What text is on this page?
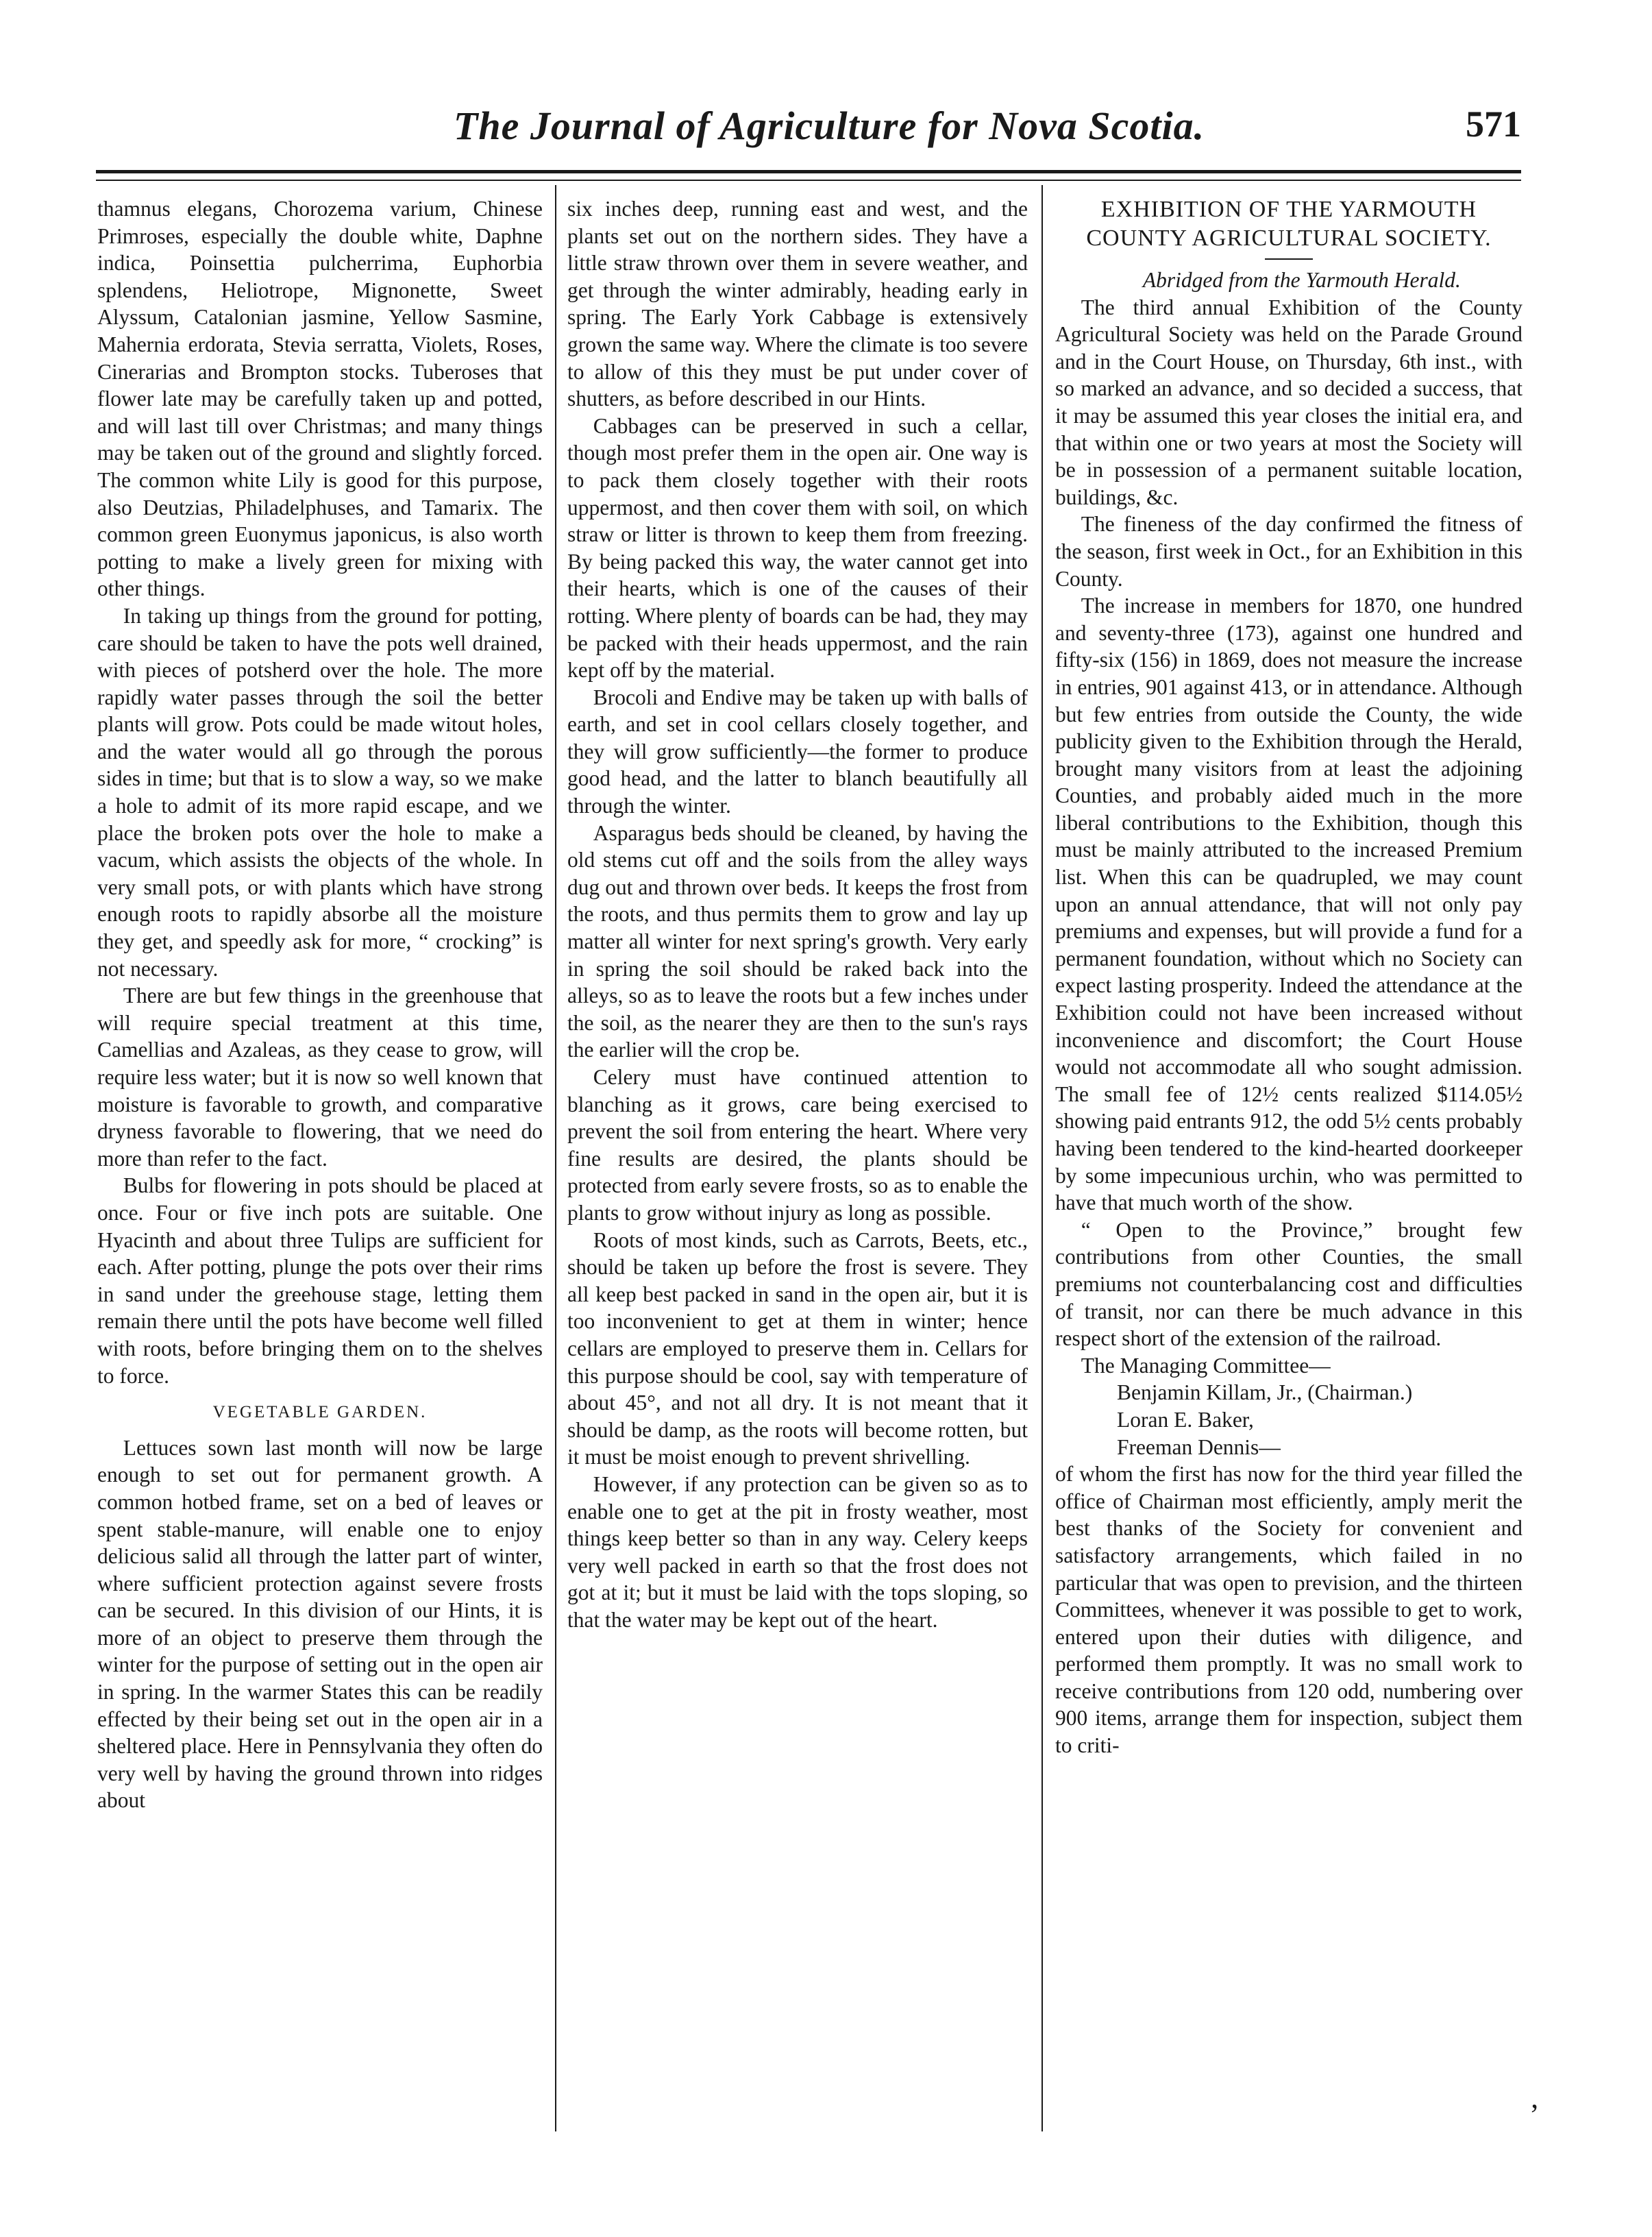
The Journal of Agriculture for Nova Scotia.	571

thamnus elegans, Chorozema varium, Chinese Primroses, especially the double white, Daphne indica, Poinsettia pulcherrima, Euphorbia splendens, Heliotrope, Mignonette, Sweet Alyssum, Catalonian jasmine, Yellow Sasmine, Mahernia erdorata, Stevia serratta, Violets, Roses, Cinerarias and Brompton stocks. Tuberoses that flower late may be carefully taken up and potted, and will last till over Christmas; and many things may be taken out of the ground and slightly forced. The common white Lily is good for this purpose, also Deutzias, Philadelphuses, and Tamarix. The common green Euonymus japonicus, is also worth potting to make a lively green for mixing with other things.

In taking up things from the ground for potting, care should be taken to have the pots well drained, with pieces of potsherd over the hole. The more rapidly water passes through the soil the better plants will grow. Pots could be made witout holes, and the water would all go through the porous sides in time; but that is to slow a way, so we make a hole to admit of its more rapid escape, and we place the broken pots over the hole to make a vacum, which assists the objects of the whole. In very small pots, or with plants which have strong enough roots to rapidly absorbe all the moisture they get, and speedly ask for more, “ crocking” is not necessary.

There are but few things in the greenhouse that will require special treatment at this time, Camellias and Azaleas, as they cease to grow, will require less water; but it is now so well known that moisture is favorable to growth, and comparative dryness favorable to flowering, that we need do more than refer to the fact.

Bulbs for flowering in pots should be placed at once. Four or five inch pots are suitable. One Hyacinth and about three Tulips are sufficient for each. After potting, plunge the pots over their rims in sand under the greehouse stage, letting them remain there until the pots have become well filled with roots, before bringing them on to the shelves to force.

VEGETABLE GARDEN.

Lettuces sown last month will now be large enough to set out for permanent growth. A common hotbed frame, set on a bed of leaves or spent stable-manure, will enable one to enjoy delicious salid all through the latter part of winter, where sufficient protection against severe frosts can be secured. In this division of our Hints, it is more of an object to preserve them through the winter for the purpose of setting out in the open air in spring. In the warmer States this can be readily effected by their being set out in the open air in a sheltered place. Here in Pennsylvania they often do very well by having the ground thrown into ridges about

six inches deep, running east and west, and the plants set out on the northern sides. They have a little straw thrown over them in severe weather, and get through the winter admirably, heading early in spring. The Early York Cabbage is extensively grown the same way. Where the climate is too severe to allow of this they must be put under cover of shutters, as before described in our Hints.

Cabbages can be preserved in such a cellar, though most prefer them in the open air. One way is to pack them closely together with their roots uppermost, and then cover them with soil, on which straw or litter is thrown to keep them from freezing. By being packed this way, the water cannot get into their hearts, which is one of the causes of their rotting. Where plenty of boards can be had, they may be packed with their heads uppermost, and the rain kept off by the material.

Brocoli and Endive may be taken up with balls of earth, and set in cool cellars closely together, and they will grow sufficiently—the former to produce good head, and the latter to blanch beautifully all through the winter.

Asparagus beds should be cleaned, by having the old stems cut off and the soils from the alley ways dug out and thrown over beds. It keeps the frost from the roots, and thus permits them to grow and lay up matter all winter for next spring's growth. Very early in spring the soil should be raked back into the alleys, so as to leave the roots but a few inches under the soil, as the nearer they are then to the sun's rays the earlier will the crop be.

Celery must have continued attention to blanching as it grows, care being exercised to prevent the soil from entering the heart. Where very fine results are desired, the plants should be protected from early severe frosts, so as to enable the plants to grow without injury as long as possible.

Roots of most kinds, such as Carrots, Beets, etc., should be taken up before the frost is severe. They all keep best packed in sand in the open air, but it is too inconvenient to get at them in winter; hence cellars are employed to preserve them in. Cellars for this purpose should be cool, say with temperature of about 45°, and not all dry. It is not meant that it should be damp, as the roots will become rotten, but it must be moist enough to prevent shrivelling.

However, if any protection can be given so as to enable one to get at the pit in frosty weather, most things keep better so than in any way. Celery keeps very well packed in earth so that the frost does not got at it; but it must be laid with the tops sloping, so that the water may be kept out of the heart.

EXHIBITION OF THE YARMOUTH COUNTY AGRICULTURAL SOCIETY.

Abridged from the Yarmouth Herald.

The third annual Exhibition of the County Agricultural Society was held on the Parade Ground and in the Court House, on Thursday, 6th inst., with so marked an advance, and so decided a success, that it may be assumed this year closes the initial era, and that within one or two years at most the Society will be in possession of a permanent suitable location, buildings, &c.

The fineness of the day confirmed the fitness of the season, first week in Oct., for an Exhibition in this County.

The increase in members for 1870, one hundred and seventy-three (173), against one hundred and fifty-six (156) in 1869, does not measure the increase in entries, 901 against 413, or in attendance. Although but few entries from outside the County, the wide publicity given to the Exhibition through the Herald, brought many visitors from at least the adjoining Counties, and probably aided much in the more liberal contributions to the Exhibition, though this must be mainly attributed to the increased Premium list. When this can be quadrupled, we may count upon an annual attendance, that will not only pay premiums and expenses, but will provide a fund for a permanent foundation, without which no Society can expect lasting prosperity. Indeed the attendance at the Exhibition could not have been increased without inconvenience and discomfort; the Court House would not accommodate all who sought admission. The small fee of 12½ cents realized $114.05½ showing paid entrants 912, the odd 5½ cents probably having been tendered to the kind-hearted doorkeeper by some impecunious urchin, who was permitted to have that much worth of the show.

“ Open to the Province,” brought few contributions from other Counties, the small premiums not counterbalancing cost and difficulties of transit, nor can there be much advance in this respect short of the extension of the railroad.

The Managing Committee—

Benjamin Killam, Jr., (Chairman.)

Loran E. Baker,

Freeman Dennis—

of whom the first has now for the third year filled the office of Chairman most efficiently, amply merit the best thanks of the Society for convenient and satisfactory arrangements, which failed in no particular that was open to prevision, and the thirteen Committees, whenever it was possible to get to work, entered upon their duties with diligence, and performed them promptly. It was no small work to receive contributions from 120 odd, numbering over 900 items, arrange them for inspection, subject them to criti-

’
